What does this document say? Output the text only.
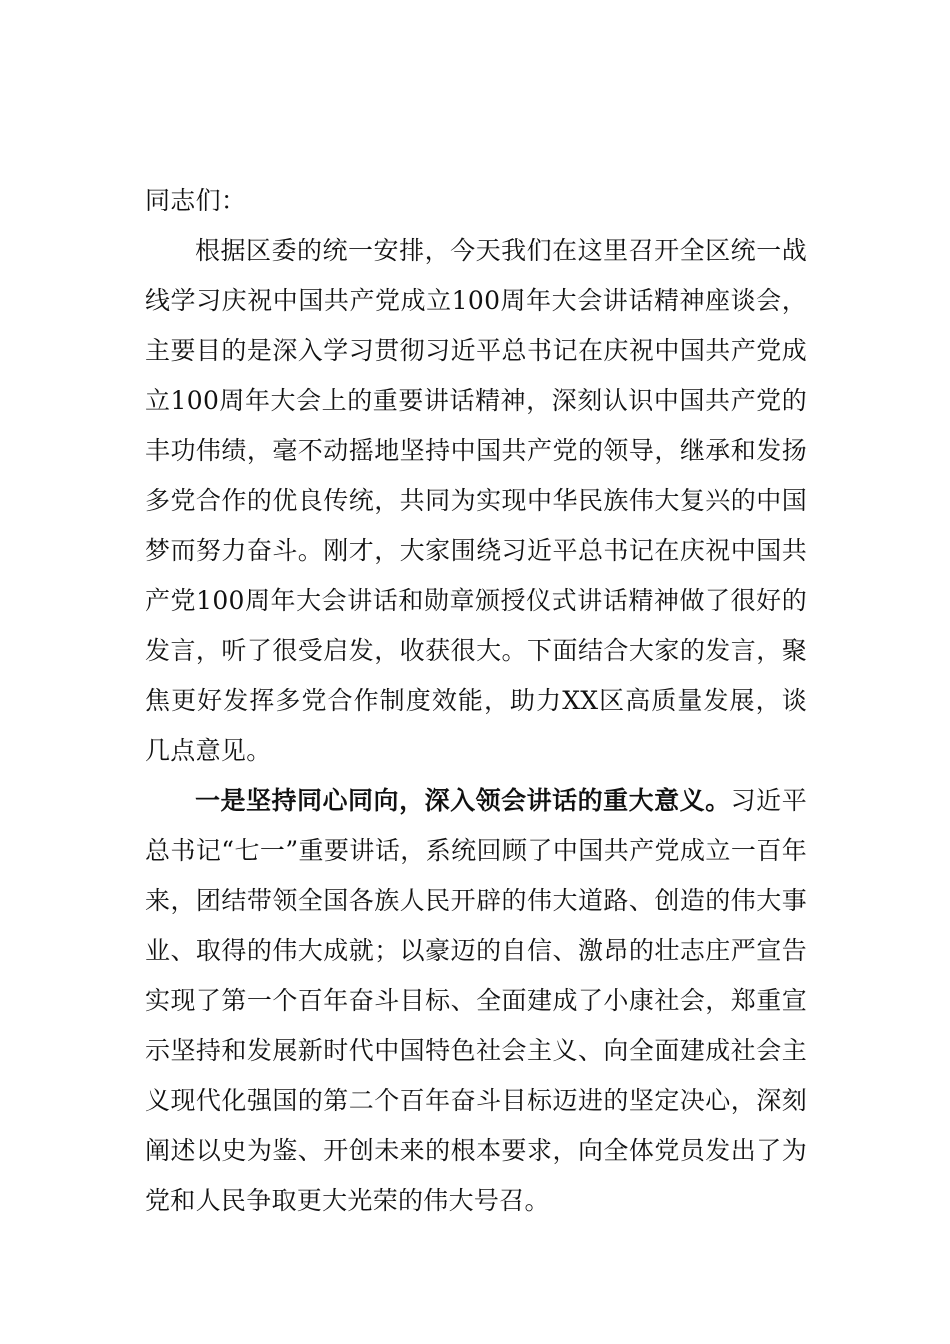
同志们：

根据区委的统一安排，今天我们在这里召开全区统一战线学习庆祝中国共产党成立100周年大会讲话精神座谈会，主要目的是深入学习贯彻习近平总书记在庆祝中国共产党成立100周年大会上的重要讲话精神，深刻认识中国共产党的丰功伟绩，毫不动摇地坚持中国共产党的领导，继承和发扬多党合作的优良传统，共同为实现中华民族伟大复兴的中国梦而努力奋斗。刚才，大家围绕习近平总书记在庆祝中国共产党100周年大会讲话和勋章颁授仪式讲话精神做了很好的发言，听了很受启发，收获很大。下面结合大家的发言，聚焦更好发挥多党合作制度效能，助力XX区高质量发展，谈几点意见。

一是坚持同心同向，深入领会讲话的重大意义。习近平总书记“七一”重要讲话，系统回顾了中国共产党成立一百年来，团结带领全国各族人民开辟的伟大道路、创造的伟大事业、取得的伟大成就；以豪迈的自信、激昂的壮志庄严宣告实现了第一个百年奋斗目标、全面建成了小康社会，郑重宣示坚持和发展新时代中国特色社会主义、向全面建成社会主义现代化强国的第二个百年奋斗目标迈进的坚定决心，深刻阐述以史为鉴、开创未来的根本要求，向全体党员发出了为党和人民争取更大光荣的伟大号召。
